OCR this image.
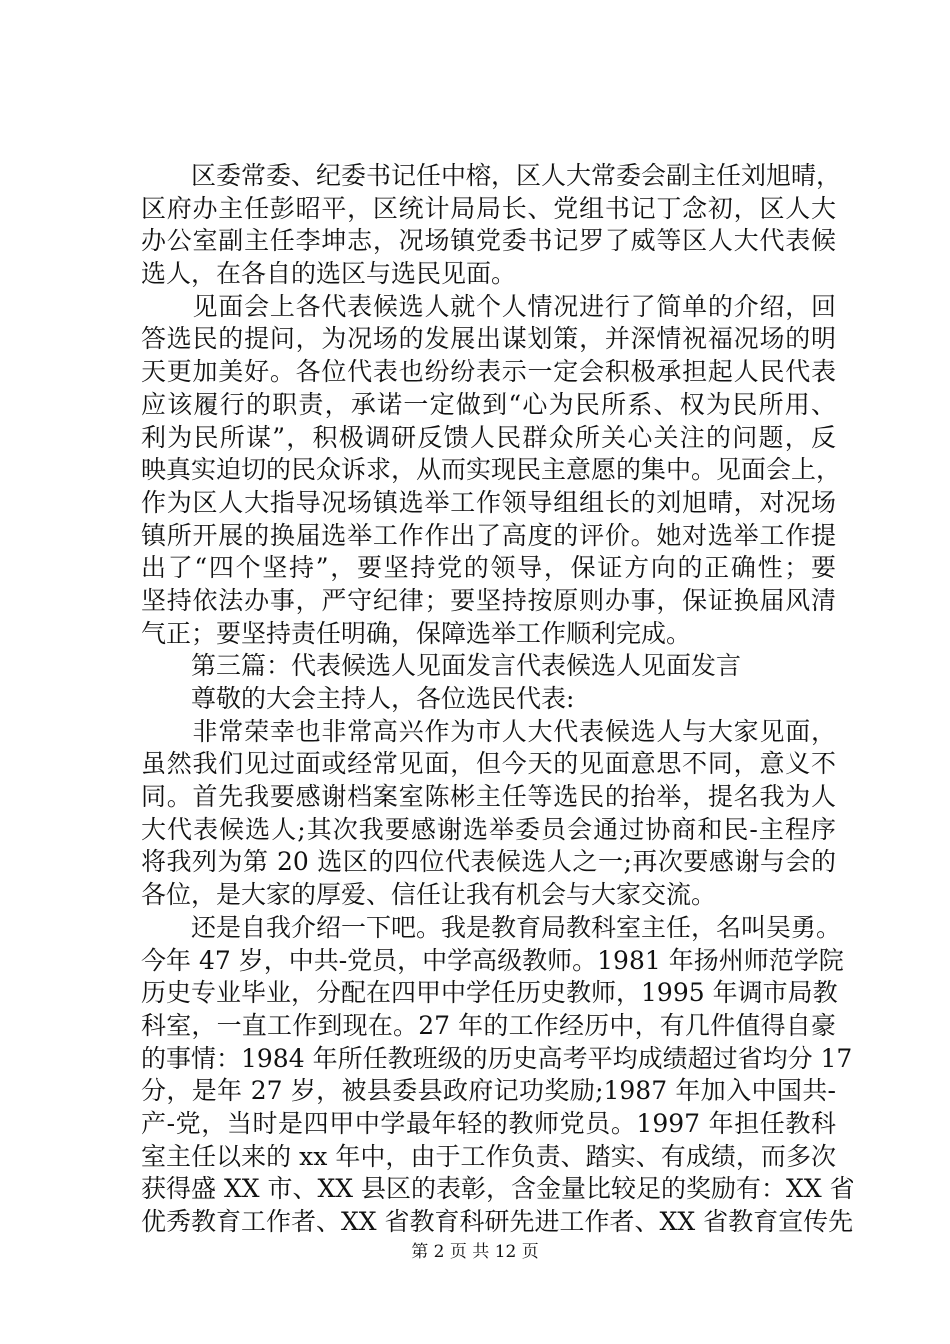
　　区委常委、纪委书记任中榕，区人大常委会副主任刘旭晴，
区府办主任彭昭平，区统计局局长、党组书记丁念初，区人大
办公室副主任李坤志，况场镇党委书记罗了威等区人大代表候
选人，在各自的选区与选民见面。
　　见面会上各代表候选人就个人情况进行了简单的介绍，回
答选民的提问，为况场的发展出谋划策，并深情祝福况场的明
天更加美好。各位代表也纷纷表示一定会积极承担起人民代表
应该履行的职责，承诺一定做到“心为民所系、权为民所用、
利为民所谋”，积极调研反馈人民群众所关心关注的问题，反
映真实迫切的民众诉求，从而实现民主意愿的集中。见面会上，
作为区人大指导况场镇选举工作领导组组长的刘旭晴，对况场
镇所开展的换届选举工作作出了高度的评价。她对选举工作提
出了“四个坚持”，要坚持党的领导，保证方向的正确性；要
坚持依法办事，严守纪律；要坚持按原则办事，保证换届风清
气正；要坚持责任明确，保障选举工作顺利完成。
　　第三篇：代表候选人见面发言代表候选人见面发言
　　尊敬的大会主持人，各位选民代表:
　　非常荣幸也非常高兴作为市人大代表候选人与大家见面，
虽然我们见过面或经常见面，但今天的见面意思不同，意义不
同。首先我要感谢档案室陈彬主任等选民的抬举，提名我为人
大代表候选人;其次我要感谢选举委员会通过协商和民-主程序
将我列为第 20 选区的四位代表候选人之一;再次要感谢与会的
各位，是大家的厚爱、信任让我有机会与大家交流。
　　还是自我介绍一下吧。我是教育局教科室主任，名叫吴勇。
今年 47 岁，中共-党员，中学高级教师。1981 年扬州师范学院
历史专业毕业，分配在四甲中学任历史教师，1995 年调市局教
科室，一直工作到现在。27 年的工作经历中，有几件值得自豪
的事情：1984 年所任教班级的历史高考平均成绩超过省均分 17
分，是年 27 岁，被县委县政府记功奖励;1987 年加入中国共-
产-党，当时是四甲中学最年轻的教师党员。1997 年担任教科
室主任以来的 xx 年中，由于工作负责、踏实、有成绩，而多次
获得盛 XX 市、XX 县区的表彰，含金量比较足的奖励有：XX 省
优秀教育工作者、XX 省教育科研先进工作者、XX 省教育宣传先
第 2 页 共 12 页
